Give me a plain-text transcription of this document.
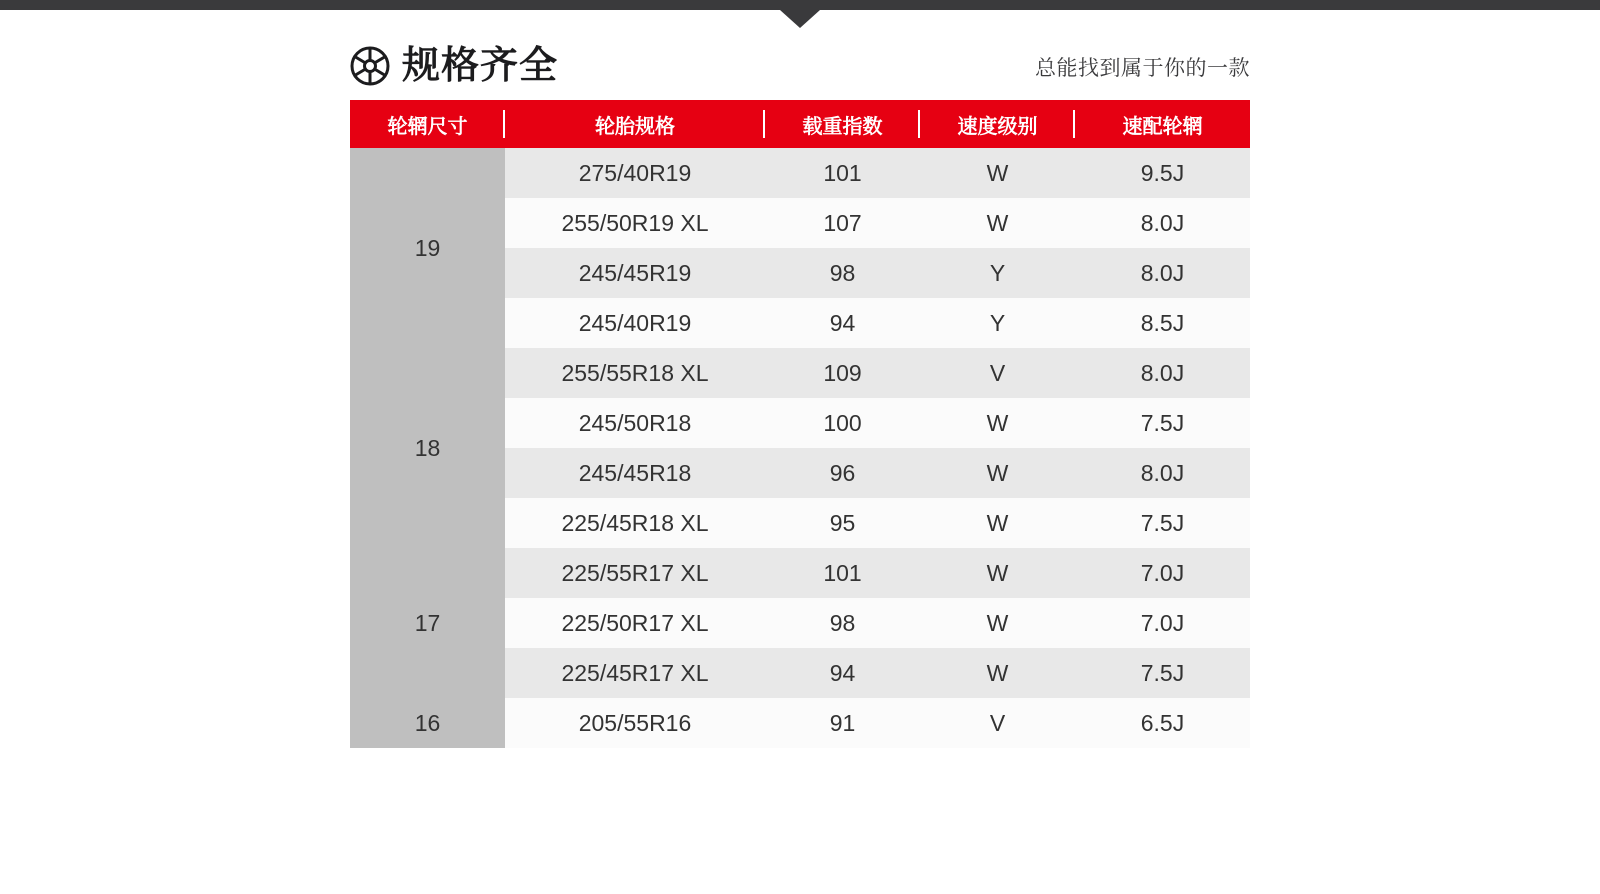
规格齐全	总能找到属于你的一款
轮辋尺寸	轮胎规格	载重指数	速度级别	速配轮辋

19	275/40R19	101	W	9.5J
	255/50R19 XL	107	W	8.0J
	245/45R19	98	Y	8.0J
	245/40R19	94	Y	8.5J
18	255/55R18 XL	109	V	8.0J
	245/50R18	100	W	7.5J
	245/45R18	96	W	8.0J
	225/45R18 XL	95	W	7.5J
17	225/55R17 XL	101	W	7.0J
	225/50R17 XL	98	W	7.0J
	225/45R17 XL	94	W	7.5J
16	205/55R16	91	V	6.5J
